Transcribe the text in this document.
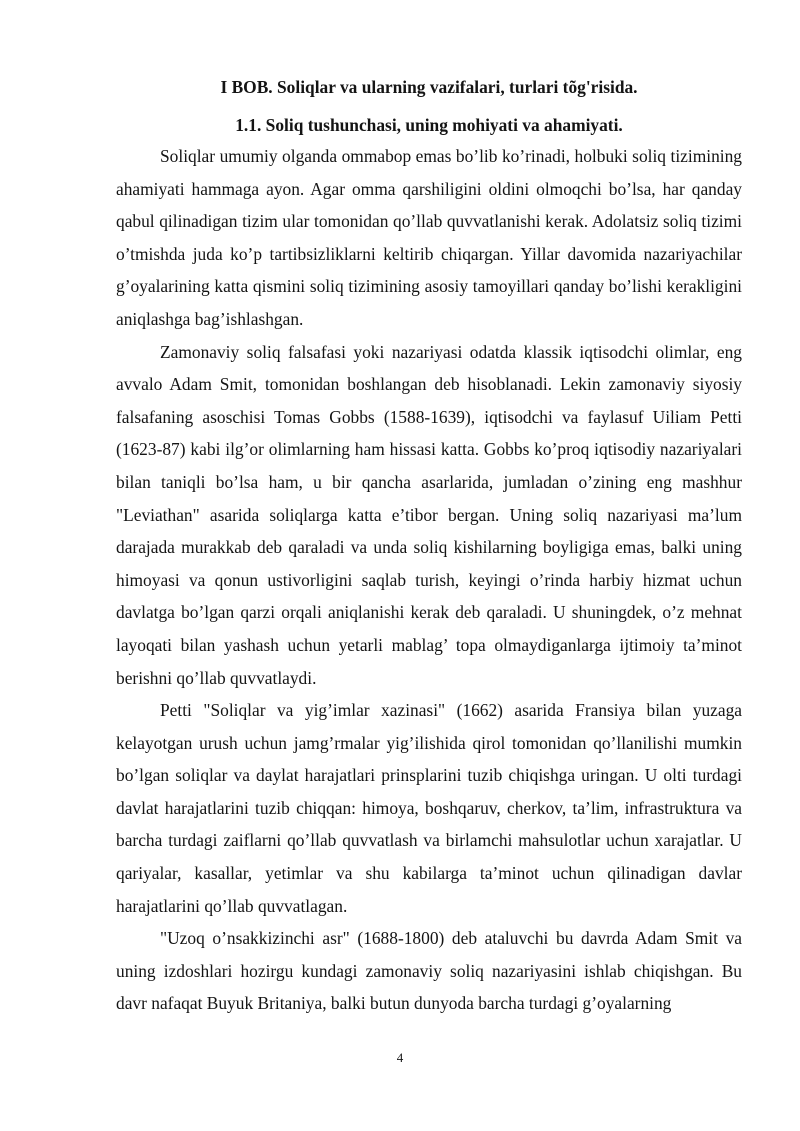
I BOB. Soliqlar va ularning vazifalari, turlari tõg'risida.
1.1. Soliq tushunchasi, uning mohiyati va ahamiyati.

Soliqlar umumiy olganda ommabop emas bo’lib ko’rinadi, holbuki soliq tizimining ahamiyati hammaga ayon. Agar omma qarshiligini oldini olmoqchi bo’lsa, har qanday qabul qilinadigan tizim ular tomonidan qo’llab quvvatlanishi kerak. Adolatsiz soliq tizimi o’tmishda juda ko’p tartibsizliklarni keltirib chiqargan. Yillar davomida nazariyachilar g’oyalarining katta qismini soliq tizimining asosiy tamoyillari qanday bo’lishi kerakligini aniqlashga bag’ishlashgan.

Zamonaviy soliq falsafasi yoki nazariyasi odatda klassik iqtisodchi olimlar, eng avvalo Adam Smit, tomonidan boshlangan deb hisoblanadi. Lekin zamonaviy siyosiy falsafaning asoschisi Tomas Gobbs (1588-1639), iqtisodchi va faylasuf Uiliam Petti (1623-87) kabi ilg’or olimlarning ham hissasi katta. Gobbs ko’proq iqtisodiy nazariyalari bilan taniqli bo’lsa ham, u bir qancha asarlarida, jumladan o’zining eng mashhur "Leviathan" asarida soliqlarga katta e’tibor bergan. Uning soliq nazariyasi ma’lum darajada murakkab deb qaraladi va unda soliq kishilarning boyligiga emas, balki uning himoyasi va qonun ustivorligini saqlab turish, keyingi o’rinda harbiy hizmat uchun davlatga bo’lgan qarzi orqali aniqlanishi kerak deb qaraladi. U shuningdek, o’z mehnat layoqati bilan yashash uchun yetarli mablag’ topa olmaydiganlarga ijtimoiy ta’minot berishni qo’llab quvvatlaydi.

Petti "Soliqlar va yig’imlar xazinasi" (1662) asarida Fransiya bilan yuzaga kelayotgan urush uchun jamg’rmalar yig’ilishida qirol tomonidan qo’llanilishi mumkin bo’lgan soliqlar va daylat harajatlari prinsplarini tuzib chiqishga uringan. U olti turdagi davlat harajatlarini tuzib chiqqan: himoya, boshqaruv, cherkov, ta’lim, infrastruktura va barcha turdagi zaiflarni qo’llab quvvatlash va birlamchi mahsulotlar uchun xarajatlar. U qariyalar, kasallar, yetimlar va shu kabilarga ta’minot uchun qilinadigan davlar harajatlarini qo’llab quvvatlagan.

"Uzoq o’nsakkizinchi asr" (1688-1800) deb ataluvchi bu davrda Adam Smit va uning izdoshlari hozirgu kundagi zamonaviy soliq nazariyasini ishlab chiqishgan. Bu davr nafaqat Buyuk Britaniya, balki butun dunyoda barcha turdagi g’oyalarning

4
